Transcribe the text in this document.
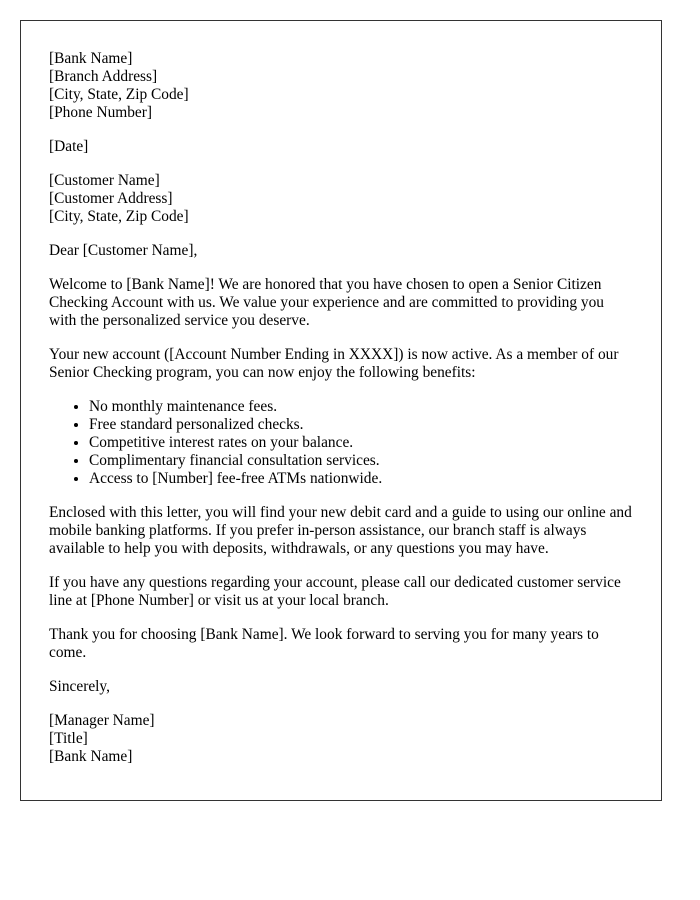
[Bank Name]
[Branch Address]
[City, State, Zip Code]
[Phone Number]
[Date]
[Customer Name]
[Customer Address]
[City, State, Zip Code]

Dear [Customer Name],

Welcome to [Bank Name]! We are honored that you have chosen to open a Senior Citizen Checking Account with us. We value your experience and are committed to providing you with the personalized service you deserve.

Your new account ([Account Number Ending in XXXX]) is now active. As a member of our Senior Checking program, you can now enjoy the following benefits:

• No monthly maintenance fees.
• Free standard personalized checks.
• Competitive interest rates on your balance.
• Complimentary financial consultation services.
• Access to [Number] fee-free ATMs nationwide.

Enclosed with this letter, you will find your new debit card and a guide to using our online and mobile banking platforms. If you prefer in-person assistance, our branch staff is always available to help you with deposits, withdrawals, or any questions you may have.

If you have any questions regarding your account, please call our dedicated customer service line at [Phone Number] or visit us at your local branch.

Thank you for choosing [Bank Name]. We look forward to serving you for many years to come.

Sincerely,

[Manager Name]
[Title]
[Bank Name]
